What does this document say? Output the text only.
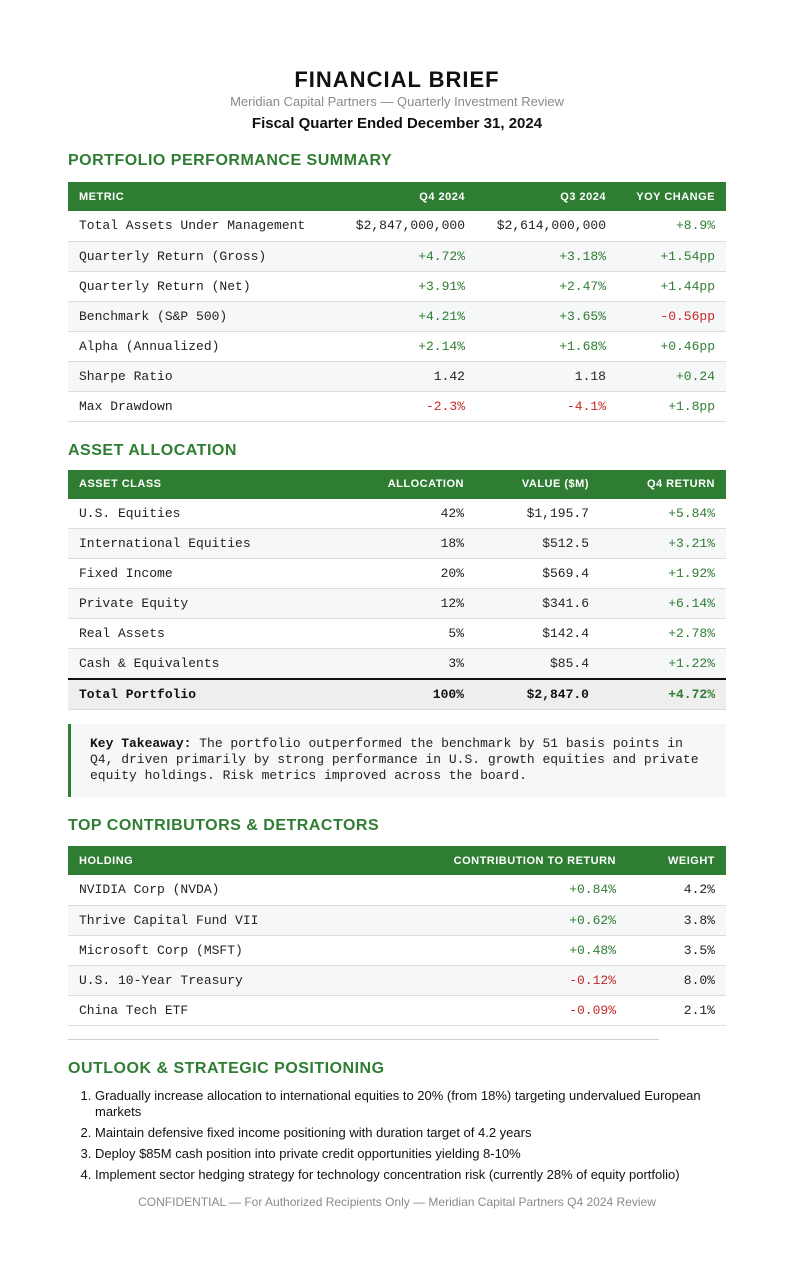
FINANCIAL BRIEF
Meridian Capital Partners — Quarterly Investment Review
Fiscal Quarter Ended December 31, 2024
PORTFOLIO PERFORMANCE SUMMARY
METRIC	Q4 2024	Q3 2024	YOY CHANGE
Total Assets Under Management	$2,847,000,000	$2,614,000,000	+8.9%
Quarterly Return (Gross)	+4.72%	+3.18%	+1.54pp
Quarterly Return (Net)	+3.91%	+2.47%	+1.44pp
Benchmark (S&P 500)	+4.21%	+3.65%	-0.56pp
Alpha (Annualized)	+2.14%	+1.68%	+0.46pp
Sharpe Ratio	1.42	1.18	+0.24
Max Drawdown	-2.3%	-4.1%	+1.8pp
ASSET ALLOCATION
ASSET CLASS	ALLOCATION	VALUE ($M)	Q4 RETURN
U.S. Equities	42%	$1,195.7	+5.84%
International Equities	18%	$512.5	+3.21%
Fixed Income	20%	$569.4	+1.92%
Private Equity	12%	$341.6	+6.14%
Real Assets	5%	$142.4	+2.78%
Cash & Equivalents	3%	$85.4	+1.22%
Total Portfolio	100%	$2,847.0	+4.72%
Key Takeaway: The portfolio outperformed the benchmark by 51 basis points in Q4, driven primarily by strong performance in U.S. growth equities and private equity holdings. Risk metrics improved across the board.
TOP CONTRIBUTORS & DETRACTORS
HOLDING	CONTRIBUTION TO RETURN	WEIGHT
NVIDIA Corp (NVDA)	+0.84%	4.2%
Thrive Capital Fund VII	+0.62%	3.8%
Microsoft Corp (MSFT)	+0.48%	3.5%
U.S. 10-Year Treasury	-0.12%	8.0%
China Tech ETF	-0.09%	2.1%
OUTLOOK & STRATEGIC POSITIONING
1. Gradually increase allocation to international equities to 20% (from 18%) targeting undervalued European markets
2. Maintain defensive fixed income positioning with duration target of 4.2 years
3. Deploy $85M cash position into private credit opportunities yielding 8-10%
4. Implement sector hedging strategy for technology concentration risk (currently 28% of equity portfolio)
CONFIDENTIAL — For Authorized Recipients Only — Meridian Capital Partners Q4 2024 Review
